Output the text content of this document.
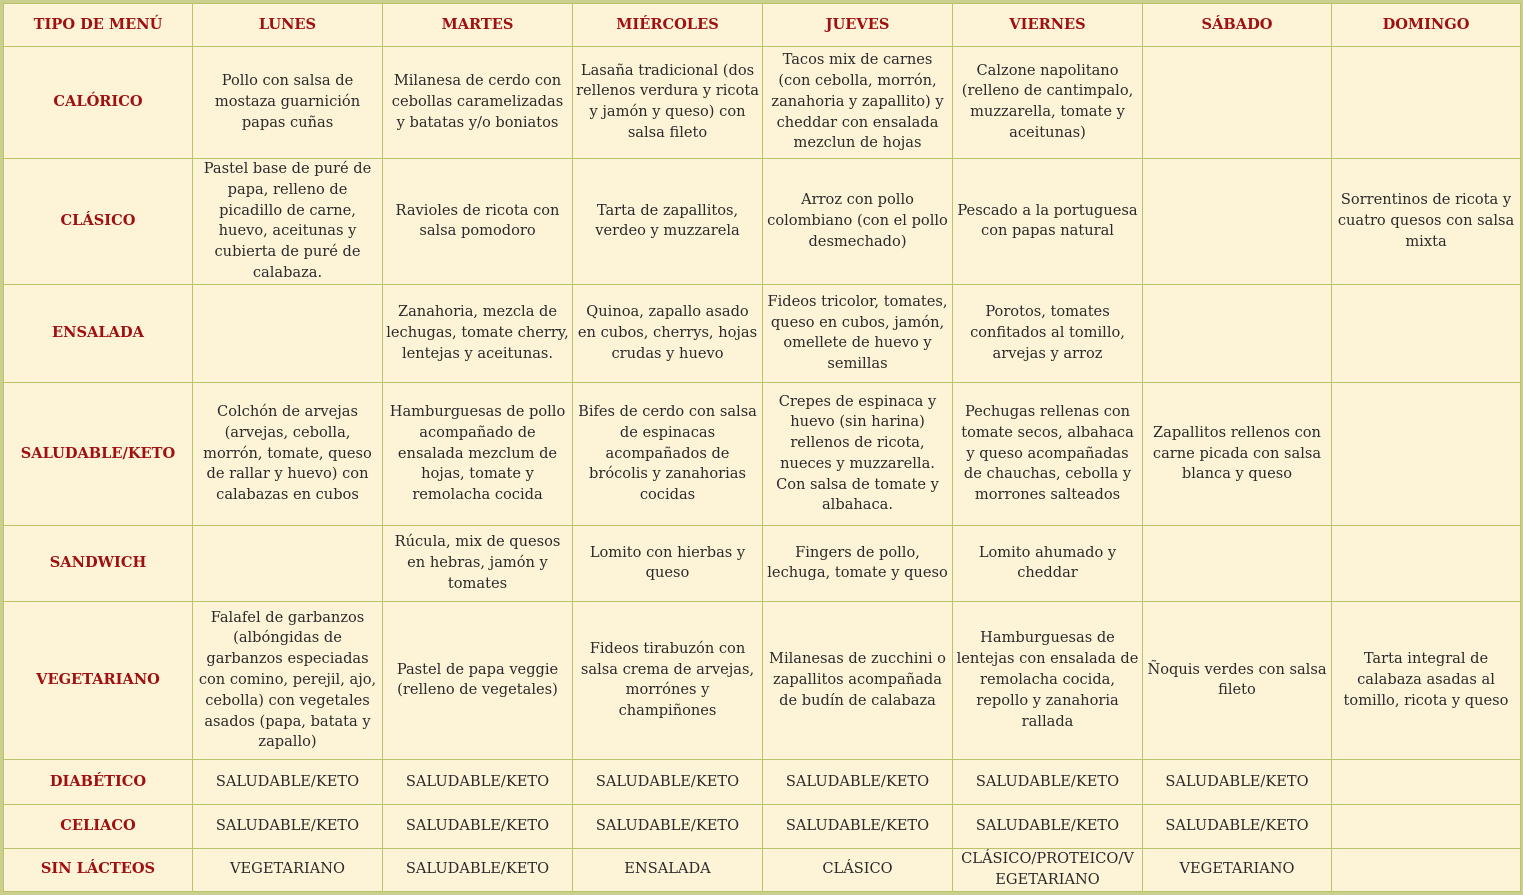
TIPO DE MENÚ	LUNES	MARTES	MIÉRCOLES	JUEVES	VIERNES	SÁBADO	DOMINGO
CALÓRICO	Pollo con salsa de mostaza guarnición papas cuñas	Milanesa de cerdo con cebollas caramelizadas y batatas y/o boniatos	Lasaña tradicional (dos rellenos verdura y ricota y jamón y queso) con salsa fileto	Tacos mix de carnes (con cebolla, morrón, zanahoria y zapallito) y cheddar con ensalada mezclun de hojas	Calzone napolitano (relleno de cantimpalo, muzzarella, tomate y aceitunas)		
CLÁSICO	Pastel base de puré de papa, relleno de picadillo de carne, huevo, aceitunas y cubierta de puré de calabaza.	Ravioles de ricota con salsa pomodoro	Tarta de zapallitos, verdeo y muzzarela	Arroz con pollo colombiano (con el pollo desmechado)	Pescado a la portuguesa con papas natural		Sorrentinos de ricota y cuatro quesos con salsa mixta
ENSALADA		Zanahoria, mezcla de lechugas, tomate cherry, lentejas y aceitunas.	Quinoa, zapallo asado en cubos, cherrys, hojas crudas y huevo	Fideos tricolor, tomates, queso en cubos, jamón, omellete de huevo y semillas	Porotos, tomates confitados al tomillo, arvejas y arroz		
SALUDABLE/KETO	Colchón de arvejas (arvejas, cebolla, morrón, tomate, queso de rallar y huevo) con calabazas en cubos	Hamburguesas de pollo acompañado de ensalada mezclum de hojas, tomate y remolacha cocida	Bifes de cerdo con salsa de espinacas acompañados de brócolis y zanahorias cocidas	Crepes de espinaca y huevo (sin harina) rellenos de ricota, nueces y muzzarella. Con salsa de tomate y albahaca.	Pechugas rellenas con tomate secos, albahaca y queso acompañadas de chauchas, cebolla y morrones salteados	Zapallitos rellenos con carne picada con salsa blanca y queso	
SANDWICH		Rúcula, mix de quesos en hebras, jamón y tomates	Lomito con hierbas y queso	Fingers de pollo, lechuga, tomate y queso	Lomito ahumado y cheddar		
VEGETARIANO	Falafel de garbanzos (albóngidas de garbanzos especiadas con comino, perejil, ajo, cebolla) con vegetales asados (papa, batata y zapallo)	Pastel de papa veggie (relleno de vegetales)	Fideos tirabuzón con salsa crema de arvejas, morrónes y champiñones	Milanesas de zucchini o zapallitos acompañada de budín de calabaza	Hamburguesas de lentejas con ensalada de remolacha cocida, repollo y zanahoria rallada	Ñoquis verdes con salsa fileto	Tarta integral de calabaza asadas al tomillo, ricota y queso
DIABÉTICO	SALUDABLE/KETO	SALUDABLE/KETO	SALUDABLE/KETO	SALUDABLE/KETO	SALUDABLE/KETO	SALUDABLE/KETO	
CELIACO	SALUDABLE/KETO	SALUDABLE/KETO	SALUDABLE/KETO	SALUDABLE/KETO	SALUDABLE/KETO	SALUDABLE/KETO	
SIN LÁCTEOS	VEGETARIANO	SALUDABLE/KETO	ENSALADA	CLÁSICO	CLÁSICO/PROTEICO/VEGETARIANO	VEGETARIANO	
